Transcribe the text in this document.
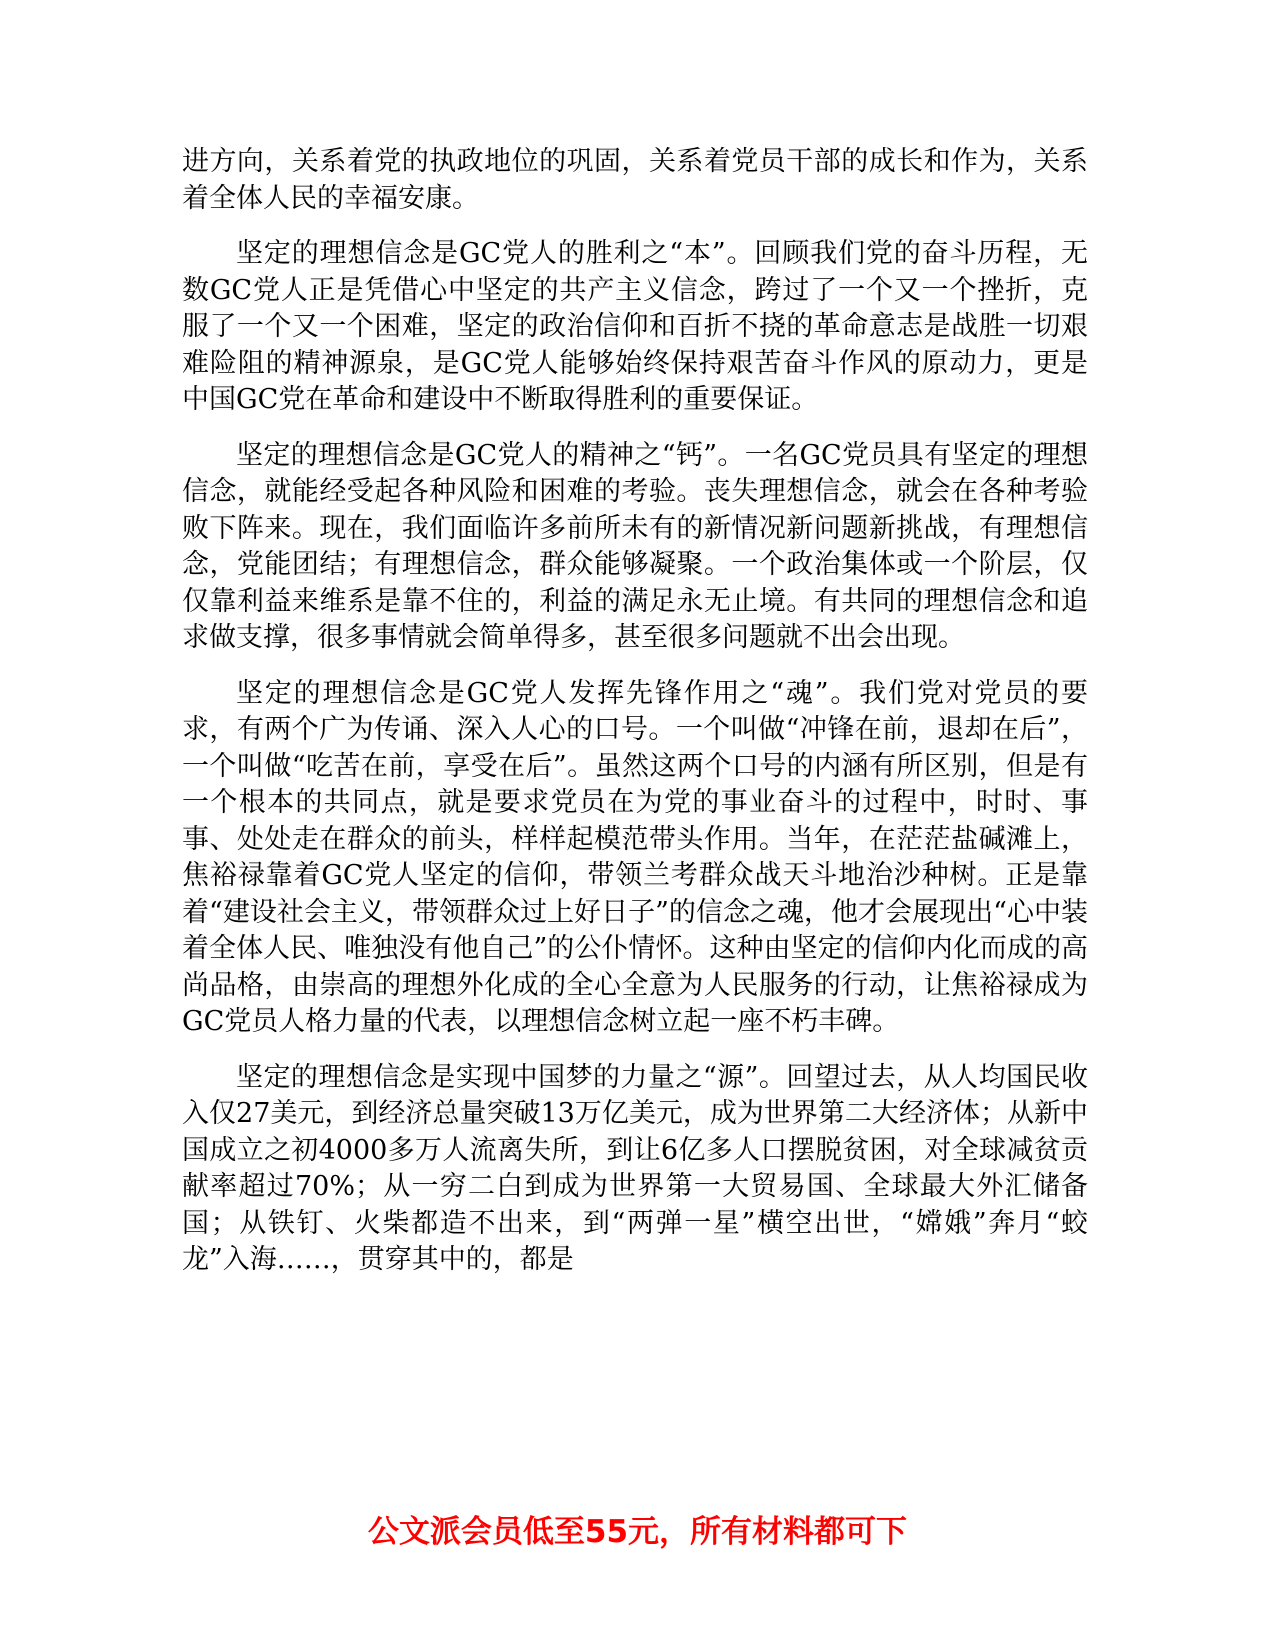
进方向，关系着党的执政地位的巩固，关系着党员干部的成长和作为，关系着全体人民的幸福安康。

坚定的理想信念是GC党人的胜利之“本”。回顾我们党的奋斗历程，无数GC党人正是凭借心中坚定的共产主义信念，跨过了一个又一个挫折，克服了一个又一个困难，坚定的政治信仰和百折不挠的革命意志是战胜一切艰难险阻的精神源泉，是GC党人能够始终保持艰苦奋斗作风的原动力，更是中国GC党在革命和建设中不断取得胜利的重要保证。

坚定的理想信念是GC党人的精神之“钙”。一名GC党员具有坚定的理想信念，就能经受起各种风险和困难的考验。丧失理想信念，就会在各种考验败下阵来。现在，我们面临许多前所未有的新情况新问题新挑战，有理想信念，党能团结；有理想信念，群众能够凝聚。一个政治集体或一个阶层，仅仅靠利益来维系是靠不住的，利益的满足永无止境。有共同的理想信念和追求做支撑，很多事情就会简单得多，甚至很多问题就不出会出现。

坚定的理想信念是GC党人发挥先锋作用之“魂”。我们党对党员的要求，有两个广为传诵、深入人心的口号。一个叫做“冲锋在前，退却在后”，一个叫做“吃苦在前，享受在后”。虽然这两个口号的内涵有所区别，但是有一个根本的共同点，就是要求党员在为党的事业奋斗的过程中，时时、事事、处处走在群众的前头，样样起模范带头作用。当年，在茫茫盐碱滩上，焦裕禄靠着GC党人坚定的信仰，带领兰考群众战天斗地治沙种树。正是靠着“建设社会主义，带领群众过上好日子”的信念之魂，他才会展现出“心中装着全体人民、唯独没有他自己”的公仆情怀。这种由坚定的信仰内化而成的高尚品格，由崇高的理想外化成的全心全意为人民服务的行动，让焦裕禄成为GC党员人格力量的代表，以理想信念树立起一座不朽丰碑。

坚定的理想信念是实现中国梦的力量之“源”。回望过去，从人均国民收入仅27美元，到经济总量突破13万亿美元，成为世界第二大经济体；从新中国成立之初4000多万人流离失所，到让6亿多人口摆脱贫困，对全球减贫贡献率超过70%；从一穷二白到成为世界第一大贸易国、全球最大外汇储备国；从铁钉、火柴都造不出来，到“两弹一星”横空出世，“嫦娥”奔月“蛟龙”入海……，贯穿其中的，都是

公文派会员低至55元，所有材料都可下
